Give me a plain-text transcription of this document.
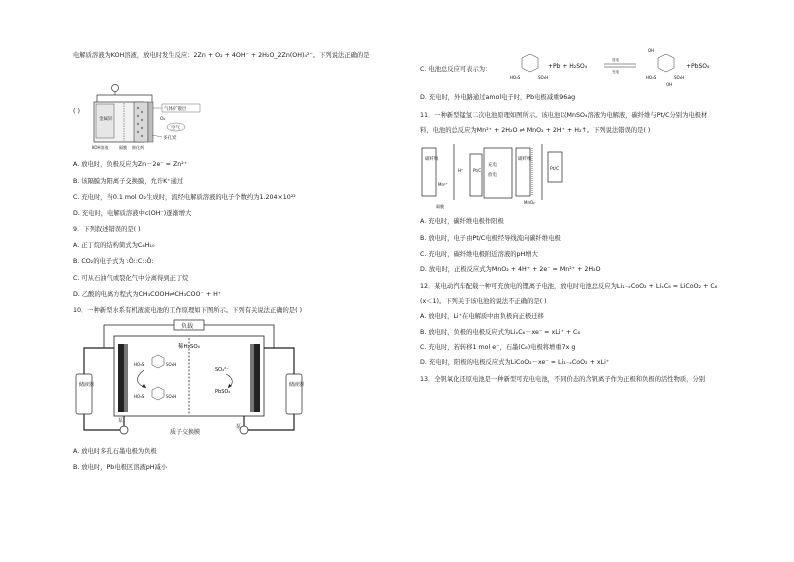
电解质溶液为KOH溶液，放电时发生反应：2Zn + O₂ + 4OH⁻ + 2H₂O_2Zn(OH)₄²⁻。下列说法正确的是
金属锌
气体扩散层
O₂
空气
多孔炭
KOH溶液	隔膜 催化剂
( )
A. 放电时，负极反应为Zn－2e⁻ = Zn²⁺
B. 该隔膜为阳离子交换膜，允许K⁺通过
C. 充电时，当0.1 mol O₂生成时，流经电解质溶液的电子个数约为1.204×10²²
D. 充电时，电解质溶液中c(OH⁻)逐渐增大
9．下列叙述错误的是( )
A. 正丁烷的结构简式为C₄H₁₀
B. CO₂的电子式为 :Ö::C::Ö:
C. 可从石油气或裂化气中分离得到正丁烷
D. 乙酸的电离方程式为CH₃COOH⇌CH₃COO⁻ + H⁺
10．一种新型水系有机液流电池的工作原理如下图所示。下列有关说法正确的是( )
负载
稀H₂SO₄
HO₃S	SO₃H
HO₃S	SO₃H
SO₄²⁻
PbSO₄
储液器	储液器
泵
泵
质子交换膜
A. 放电时多孔石墨电极为负极
B. 放电时，Pb电极区溶液pH减小
C. 电池总反应可表示为：
HO₃S	SO₃H
OH
HO₃S	SO₃H
OH
+Pb + H₂SO₄
放电
充电
+PbSO₄
D. 充电时，外电路通过amol电子时，Pb电极减重96ag
11．一种新型锰氢二次电池原理如图所示。该电池以MnSO₄溶液为电解液，碳纤维与Pt/C分别为电极材
料，电池的总反应为Mn²⁺ + 2H₂O ⇌ MnO₂ + 2H⁺ + H₂↑。下列说法错误的是( )
碳纤维
Mn²⁺
H⁺ Pt/C
隔膜
充电
放电
碳纤维
MnO₂
Pt/C
A. 充电时，碳纤维电极作阳极
B. 放电时，电子由Pt/C电极经导线流向碳纤维电极
C. 充电时，碳纤维电极附近溶液的pH增大
D. 放电时，正极反应式为MnO₂ + 4H⁺ + 2e⁻ = Mn²⁺ + 2H₂O
12．某电动汽车配载一种可充放电的锂离子电池，放电时电池总反应为Li₁₋ₓCoO₂ + LiₓC₆ = LiCoO₂ + C₆
(x＜1)。下列关于该电池的说法不正确的是( )
A. 放电时，Li⁺在电解质中由负极向正极迁移
B. 放电时，负极的电极反应式为LiₓC₆－xe⁻ = xLi⁺ + C₆
C. 充电时，若转移1 mol e⁻，石墨(C₆)电极将增重7x g
D. 充电时，阳极的电极反应式为LiCoO₂－xe⁻ = Li₁₋ₓCoO₂ + xLi⁺
13．全钒氧化还原电池是一种新型可充电电池，不同价态的含钒离子作为正极和负极的活性物质，分别
